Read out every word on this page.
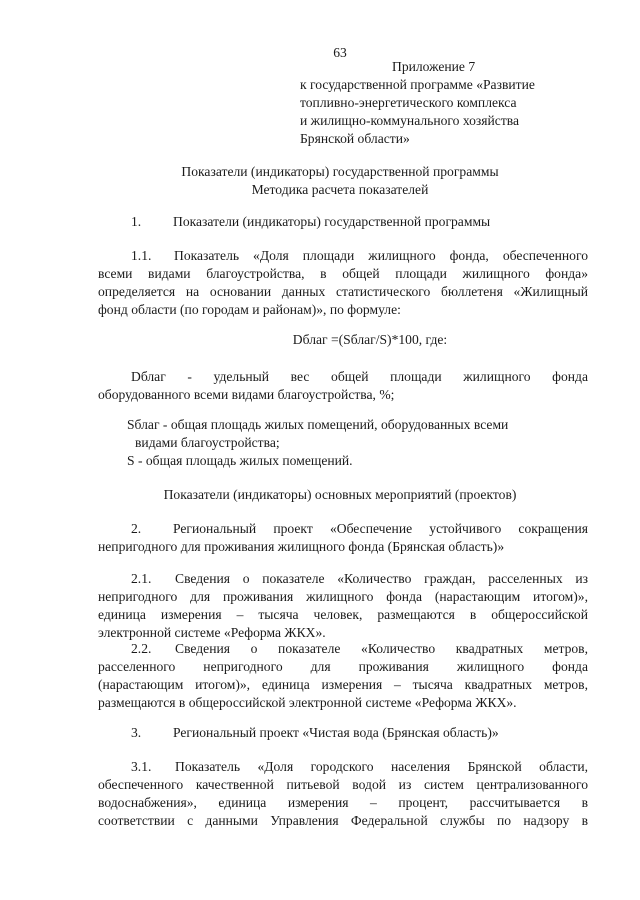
63
Приложение 7
к государственной программе «Развитие
топливно-энергетического комплекса
и жилищно-коммунального хозяйства
Брянской области»
Показатели (индикаторы) государственной программы
Методика расчета показателей
1. Показатели (индикаторы) государственной программы
1.1. Показатель «Доля площади жилищного фонда, обеспеченного
всеми видами благоустройства, в общей площади жилищного фонда»
определяется на основании данных статистического бюллетеня «Жилищный
фонд области (по городам и районам)», по формуле:
Dблаг =(Sблаг/S)*100, где:
Dблаг - удельный вес общей площади жилищного фонда
оборудованного всеми видами благоустройства, %;
Sблаг - общая площадь жилых помещений, оборудованных всеми
видами благоустройства;
S - общая площадь жилых помещений.
Показатели (индикаторы) основных мероприятий (проектов)
2. Региональный проект «Обеспечение устойчивого сокращения
непригодного для проживания жилищного фонда (Брянская область)»
2.1. Сведения о показателе «Количество граждан, расселенных из
непригодного для проживания жилищного фонда (нарастающим итогом)»,
единица измерения – тысяча человек, размещаются в общероссийской
электронной системе «Реформа ЖКХ».
2.2. Сведения о показателе «Количество квадратных метров,
расселенного непригодного для проживания жилищного фонда
(нарастающим итогом)», единица измерения – тысяча квадратных метров,
размещаются в общероссийской электронной системе «Реформа ЖКХ».
3. Региональный проект «Чистая вода (Брянская область)»
3.1. Показатель «Доля городского населения Брянской области,
обеспеченного качественной питьевой водой из систем централизованного
водоснабжения», единица измерения – процент, рассчитывается в
соответствии с данными Управления Федеральной службы по надзору в
